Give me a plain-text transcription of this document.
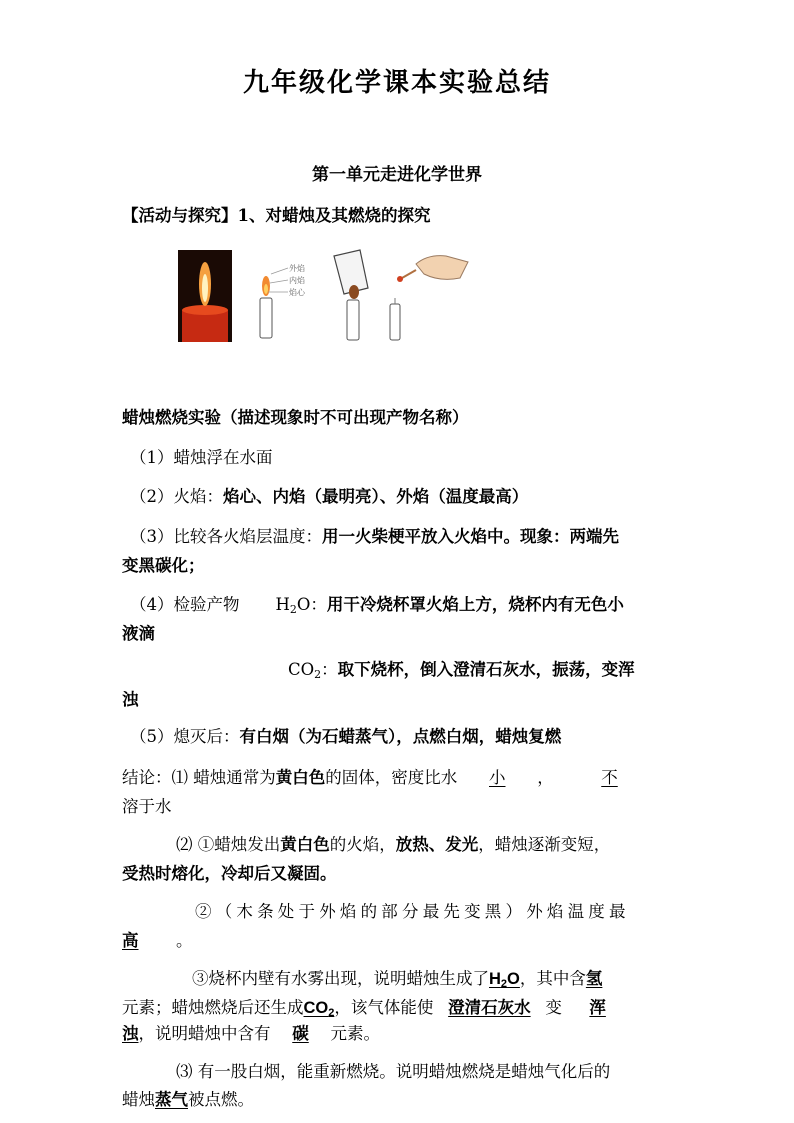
九年级化学课本实验总结
第一单元走进化学世界
【活动与探究】1、对蜡烛及其燃烧的探究
外焰
内焰
焰心
蜡烛燃烧实验（描述现象时不可出现产物名称）
（1）蜡烛浮在水面
（2）火焰：焰心、内焰（最明亮）、外焰（温度最高）
（3）比较各火焰层温度：用一火柴梗平放入火焰中。现象：两端先
变黑碳化；
（4）检验产物 $H_2O$：用干冷烧杯罩火焰上方，烧杯内有无色小
液滴
$CO_2$：取下烧杯，倒入澄清石灰水，振荡，变浑
浊
（5）熄灭后：有白烟（为石蜡蒸气），点燃白烟，蜡烛复燃
结论：⑴ 蜡烛通常为黄白色的固体，密度比水 小 ，	不
溶于水
⑵ ①蜡烛发出黄白色的火焰，放热、发光，蜡烛逐渐变短，
受热时熔化，冷却后又凝固。
②（木条处于外焰的部分最先变黑）外焰温度最
高 。
③烧杯内壁有水雾出现，说明蜡烛生成了$H_2O$，其中含氢
元素；蜡烛燃烧后还生成$CO_2$，该气体能使 澄清石灰水 变 浑
浊，说明蜡烛中含有 碳 元素。
⑶ 有一股白烟，能重新燃烧。说明蜡烛燃烧是蜡烛气化后的
蜡烛蒸气被点燃。
